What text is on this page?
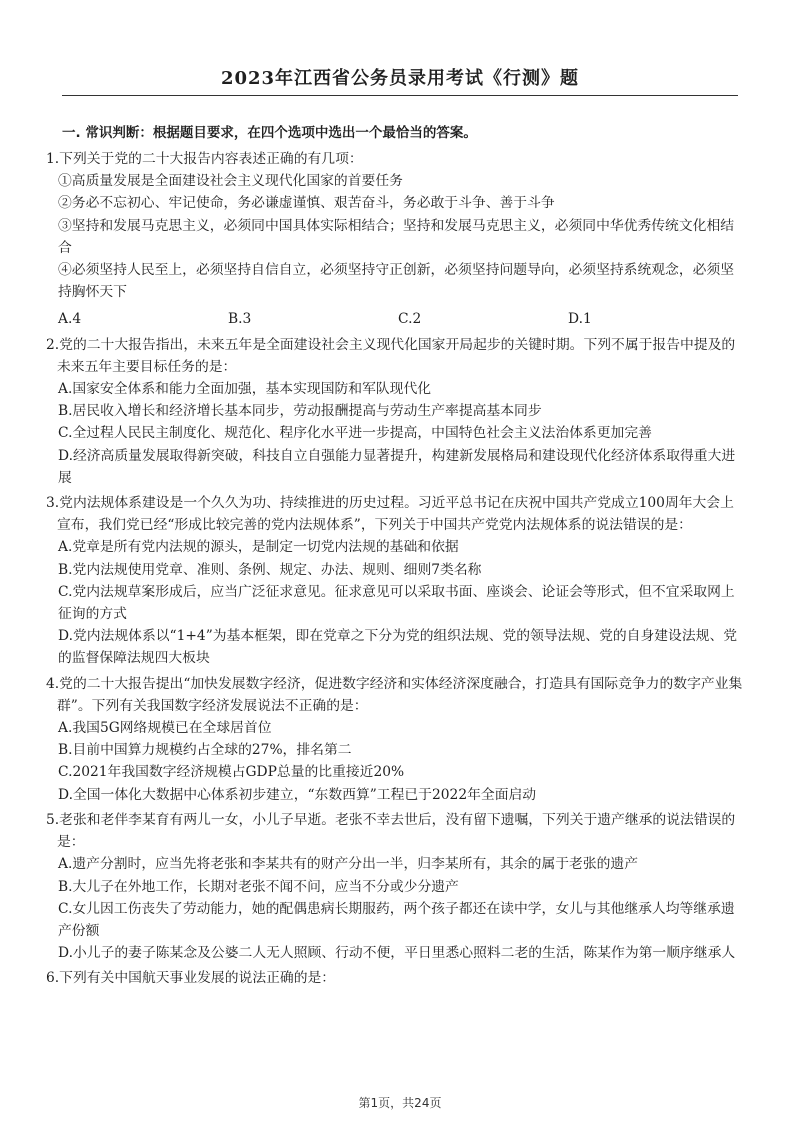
2023年江西省公务员录用考试《行测》题
一. 常识判断：根据题目要求，在四个选项中选出一个最恰当的答案。
1.下列关于党的二十大报告内容表述正确的有几项：
①高质量发展是全面建设社会主义现代化国家的首要任务
②务必不忘初心、牢记使命，务必谦虚谨慎、艰苦奋斗，务必敢于斗争、善于斗争
③坚持和发展马克思主义，必须同中国具体实际相结合；坚持和发展马克思主义，必须同中华优秀传统文化相结合
④必须坚持人民至上，必须坚持自信自立，必须坚持守正创新，必须坚持问题导向，必须坚持系统观念，必须坚持胸怀天下
A.4	B.3	C.2	D.1
2.党的二十大报告指出，未来五年是全面建设社会主义现代化国家开局起步的关键时期。下列不属于报告中提及的未来五年主要目标任务的是：
A.国家安全体系和能力全面加强，基本实现国防和军队现代化
B.居民收入增长和经济增长基本同步，劳动报酬提高与劳动生产率提高基本同步
C.全过程人民民主制度化、规范化、程序化水平进一步提高，中国特色社会主义法治体系更加完善
D.经济高质量发展取得新突破，科技自立自强能力显著提升，构建新发展格局和建设现代化经济体系取得重大进展
3.党内法规体系建设是一个久久为功、持续推进的历史过程。习近平总书记在庆祝中国共产党成立100周年大会上宣布，我们党已经“形成比较完善的党内法规体系”，下列关于中国共产党党内法规体系的说法错误的是：
A.党章是所有党内法规的源头，是制定一切党内法规的基础和依据
B.党内法规使用党章、准则、条例、规定、办法、规则、细则7类名称
C.党内法规草案形成后，应当广泛征求意见。征求意见可以采取书面、座谈会、论证会等形式，但不宜采取网上征询的方式
D.党内法规体系以“1+4”为基本框架，即在党章之下分为党的组织法规、党的领导法规、党的自身建设法规、党的监督保障法规四大板块
4.党的二十大报告提出“加快发展数字经济，促进数字经济和实体经济深度融合，打造具有国际竞争力的数字产业集群”。下列有关我国数字经济发展说法不正确的是：
A.我国5G网络规模已在全球居首位
B.目前中国算力规模约占全球的27%，排名第二
C.2021年我国数字经济规模占GDP总量的比重接近20%
D.全国一体化大数据中心体系初步建立，“东数西算”工程已于2022年全面启动
5.老张和老伴李某育有两儿一女，小儿子早逝。老张不幸去世后，没有留下遗嘱，下列关于遗产继承的说法错误的是：
A.遗产分割时，应当先将老张和李某共有的财产分出一半，归李某所有，其余的属于老张的遗产
B.大儿子在外地工作，长期对老张不闻不问，应当不分或少分遗产
C.女儿因工伤丧失了劳动能力，她的配偶患病长期服药，两个孩子都还在读中学，女儿与其他继承人均等继承遗产份额
D.小儿子的妻子陈某念及公婆二人无人照顾、行动不便，平日里悉心照料二老的生活，陈某作为第一顺序继承人
6.下列有关中国航天事业发展的说法正确的是：
第1页，共24页
